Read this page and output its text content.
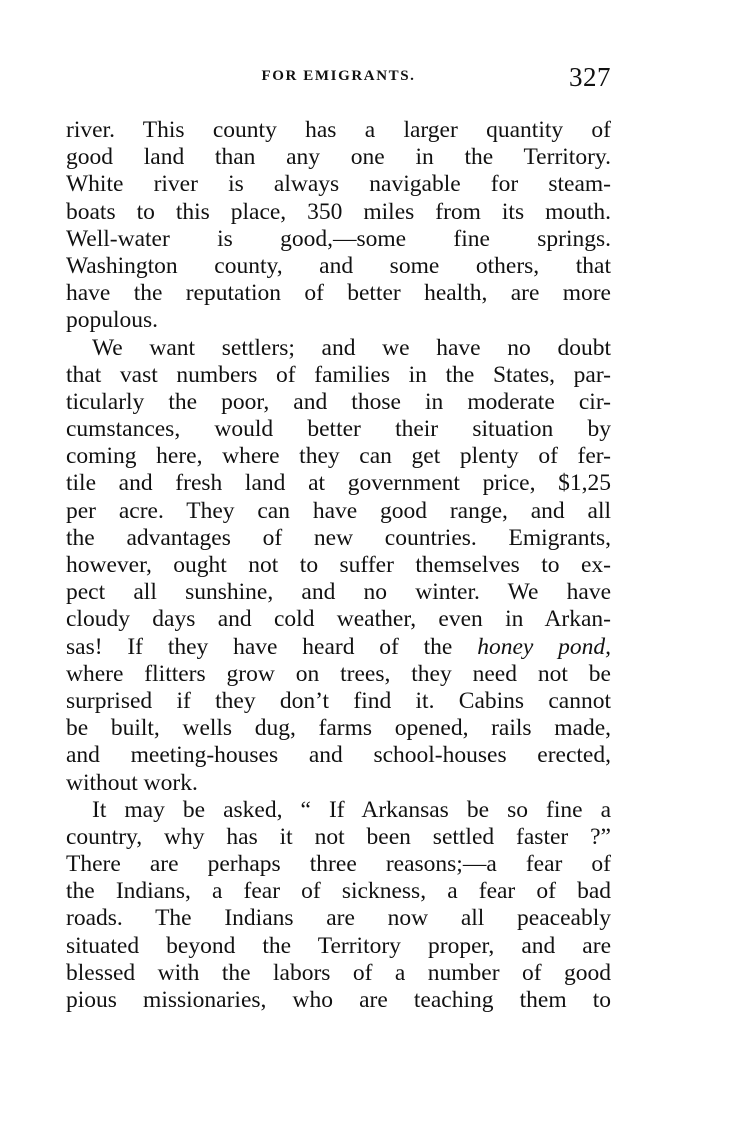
FOR EMIGRANTS.	327
river. This county has a larger quantity of
good land than any one in the Territory.
White river is always navigable for steam-
boats to this place, 350 miles from its mouth.
Well-water is good,—some fine springs.
Washington county, and some others, that
have the reputation of better health, are more
populous.
We want settlers; and we have no doubt
that vast numbers of families in the States, par-
ticularly the poor, and those in moderate cir-
cumstances, would better their situation by
coming here, where they can get plenty of fer-
tile and fresh land at government price, $1,25
per acre. They can have good range, and all
the advantages of new countries. Emigrants,
however, ought not to suffer themselves to ex-
pect all sunshine, and no winter. We have
cloudy days and cold weather, even in Arkan-
sas! If they have heard of the honey pond,
where flitters grow on trees, they need not be
surprised if they don’t find it. Cabins cannot
be built, wells dug, farms opened, rails made,
and meeting-houses and school-houses erected,
without work.
It may be asked, “ If Arkansas be so fine a
country, why has it not been settled faster ?”
There are perhaps three reasons;—a fear of
the Indians, a fear of sickness, a fear of bad
roads. The Indians are now all peaceably
situated beyond the Territory proper, and are
blessed with the labors of a number of good
pious missionaries, who are teaching them to
